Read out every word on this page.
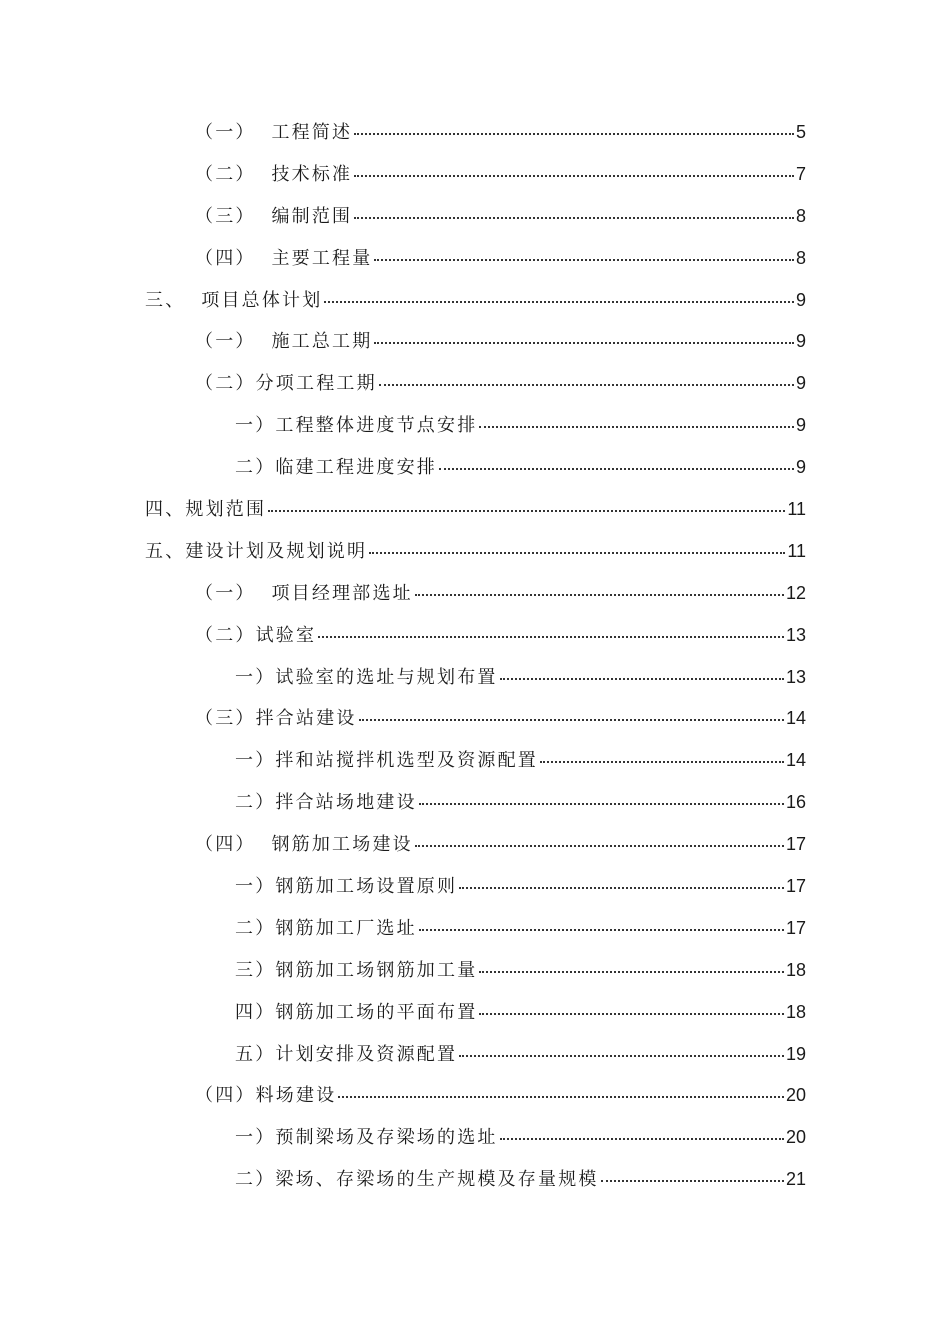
（一）  工程简述	5
（二）  技术标准	7
（三）  编制范围	8
（四）  主要工程量	8
三、  项目总体计划	9
（一）  施工总工期	9
（二）分项工程工期	9
一）工程整体进度节点安排	9
二）临建工程进度安排	9
四、规划范围	11
五、建设计划及规划说明	11
（一）  项目经理部选址	12
（二）试验室	13
一）试验室的选址与规划布置	13
（三）拌合站建设	14
一）拌和站搅拌机选型及资源配置	14
二）拌合站场地建设	16
（四）  钢筋加工场建设	17
一）钢筋加工场设置原则	17
二）钢筋加工厂选址	17
三）钢筋加工场钢筋加工量	18
四）钢筋加工场的平面布置	18
五）计划安排及资源配置	19
（四）料场建设	20
一）预制梁场及存梁场的选址	20
二）梁场、存梁场的生产规模及存量规模	21
